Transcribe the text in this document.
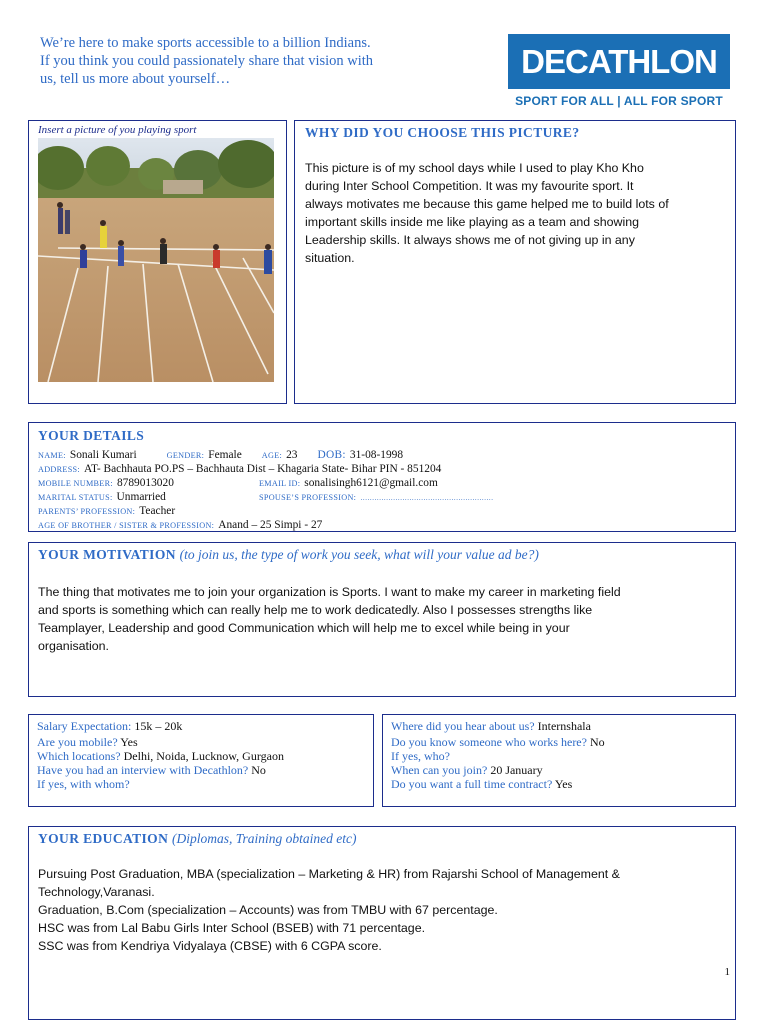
We’re here to make sports accessible to a billion Indians.
If you think you could passionately share that vision with
us, tell us more about yourself…	DECATHLON
SPORT FOR ALL | ALL FOR SPORT
Insert a picture of you playing sport	WHY DID YOU CHOOSE THIS PICTURE?
This picture is of my school days while I used to play Kho Kho
during Inter School Competition. It was my favourite sport. It
always motivates me because this game helped me to build lots of
important skills inside me like playing as a team and showing
Leadership skills. It always shows me of not giving up in any
situation.
YOUR DETAILS
NAME: Sonali Kumari	GENDER: Female AGE: 23 DOB: 31-08-1998
ADDRESS: AT- Bachhauta PO.PS – Bachhauta Dist – Khagaria State- Bihar PIN - 851204
MOBILE NUMBER: 8789013020	EMAIL ID: sonalisingh6121@gmail.com
MARITAL STATUS: Unmarried	SPOUSE’S PROFESSION: …………………………………………………
PARENTS’ PROFESSION: Teacher
AGE OF BROTHER / SISTER & PROFESSION: Anand – 25 Simpi - 27
YOUR MOTIVATION (to join us, the type of work you seek, what will your value ad be?)
The thing that motivates me to join your organization is Sports. I want to make my career in marketing field
and sports is something which can really help me to work dedicatedly. Also I possesses strengths like
Teamplayer, Leadership and good Communication which will help me to excel while being in your
organisation.
Salary Expectation: 15k – 20k
Are you mobile? Yes
Which locations? Delhi, Noida, Lucknow, Gurgaon
Have you had an interview with Decathlon? No
If yes, with whom?
Where did you hear about us? Internshala
Do you know someone who works here? No
If yes, who?
When can you join? 20 January
Do you want a full time contract? Yes
YOUR EDUCATION (Diplomas, Training obtained etc)
Pursuing Post Graduation, MBA (specialization – Marketing & HR) from Rajarshi School of Management &
Technology,Varanasi.
Graduation, B.Com (specialization – Accounts) was from TMBU with 67 percentage.
HSC was from Lal Babu Girls Inter School (BSEB) with 71 percentage.
SSC was from Kendriya Vidyalaya (CBSE) with 6 CGPA score.
1
